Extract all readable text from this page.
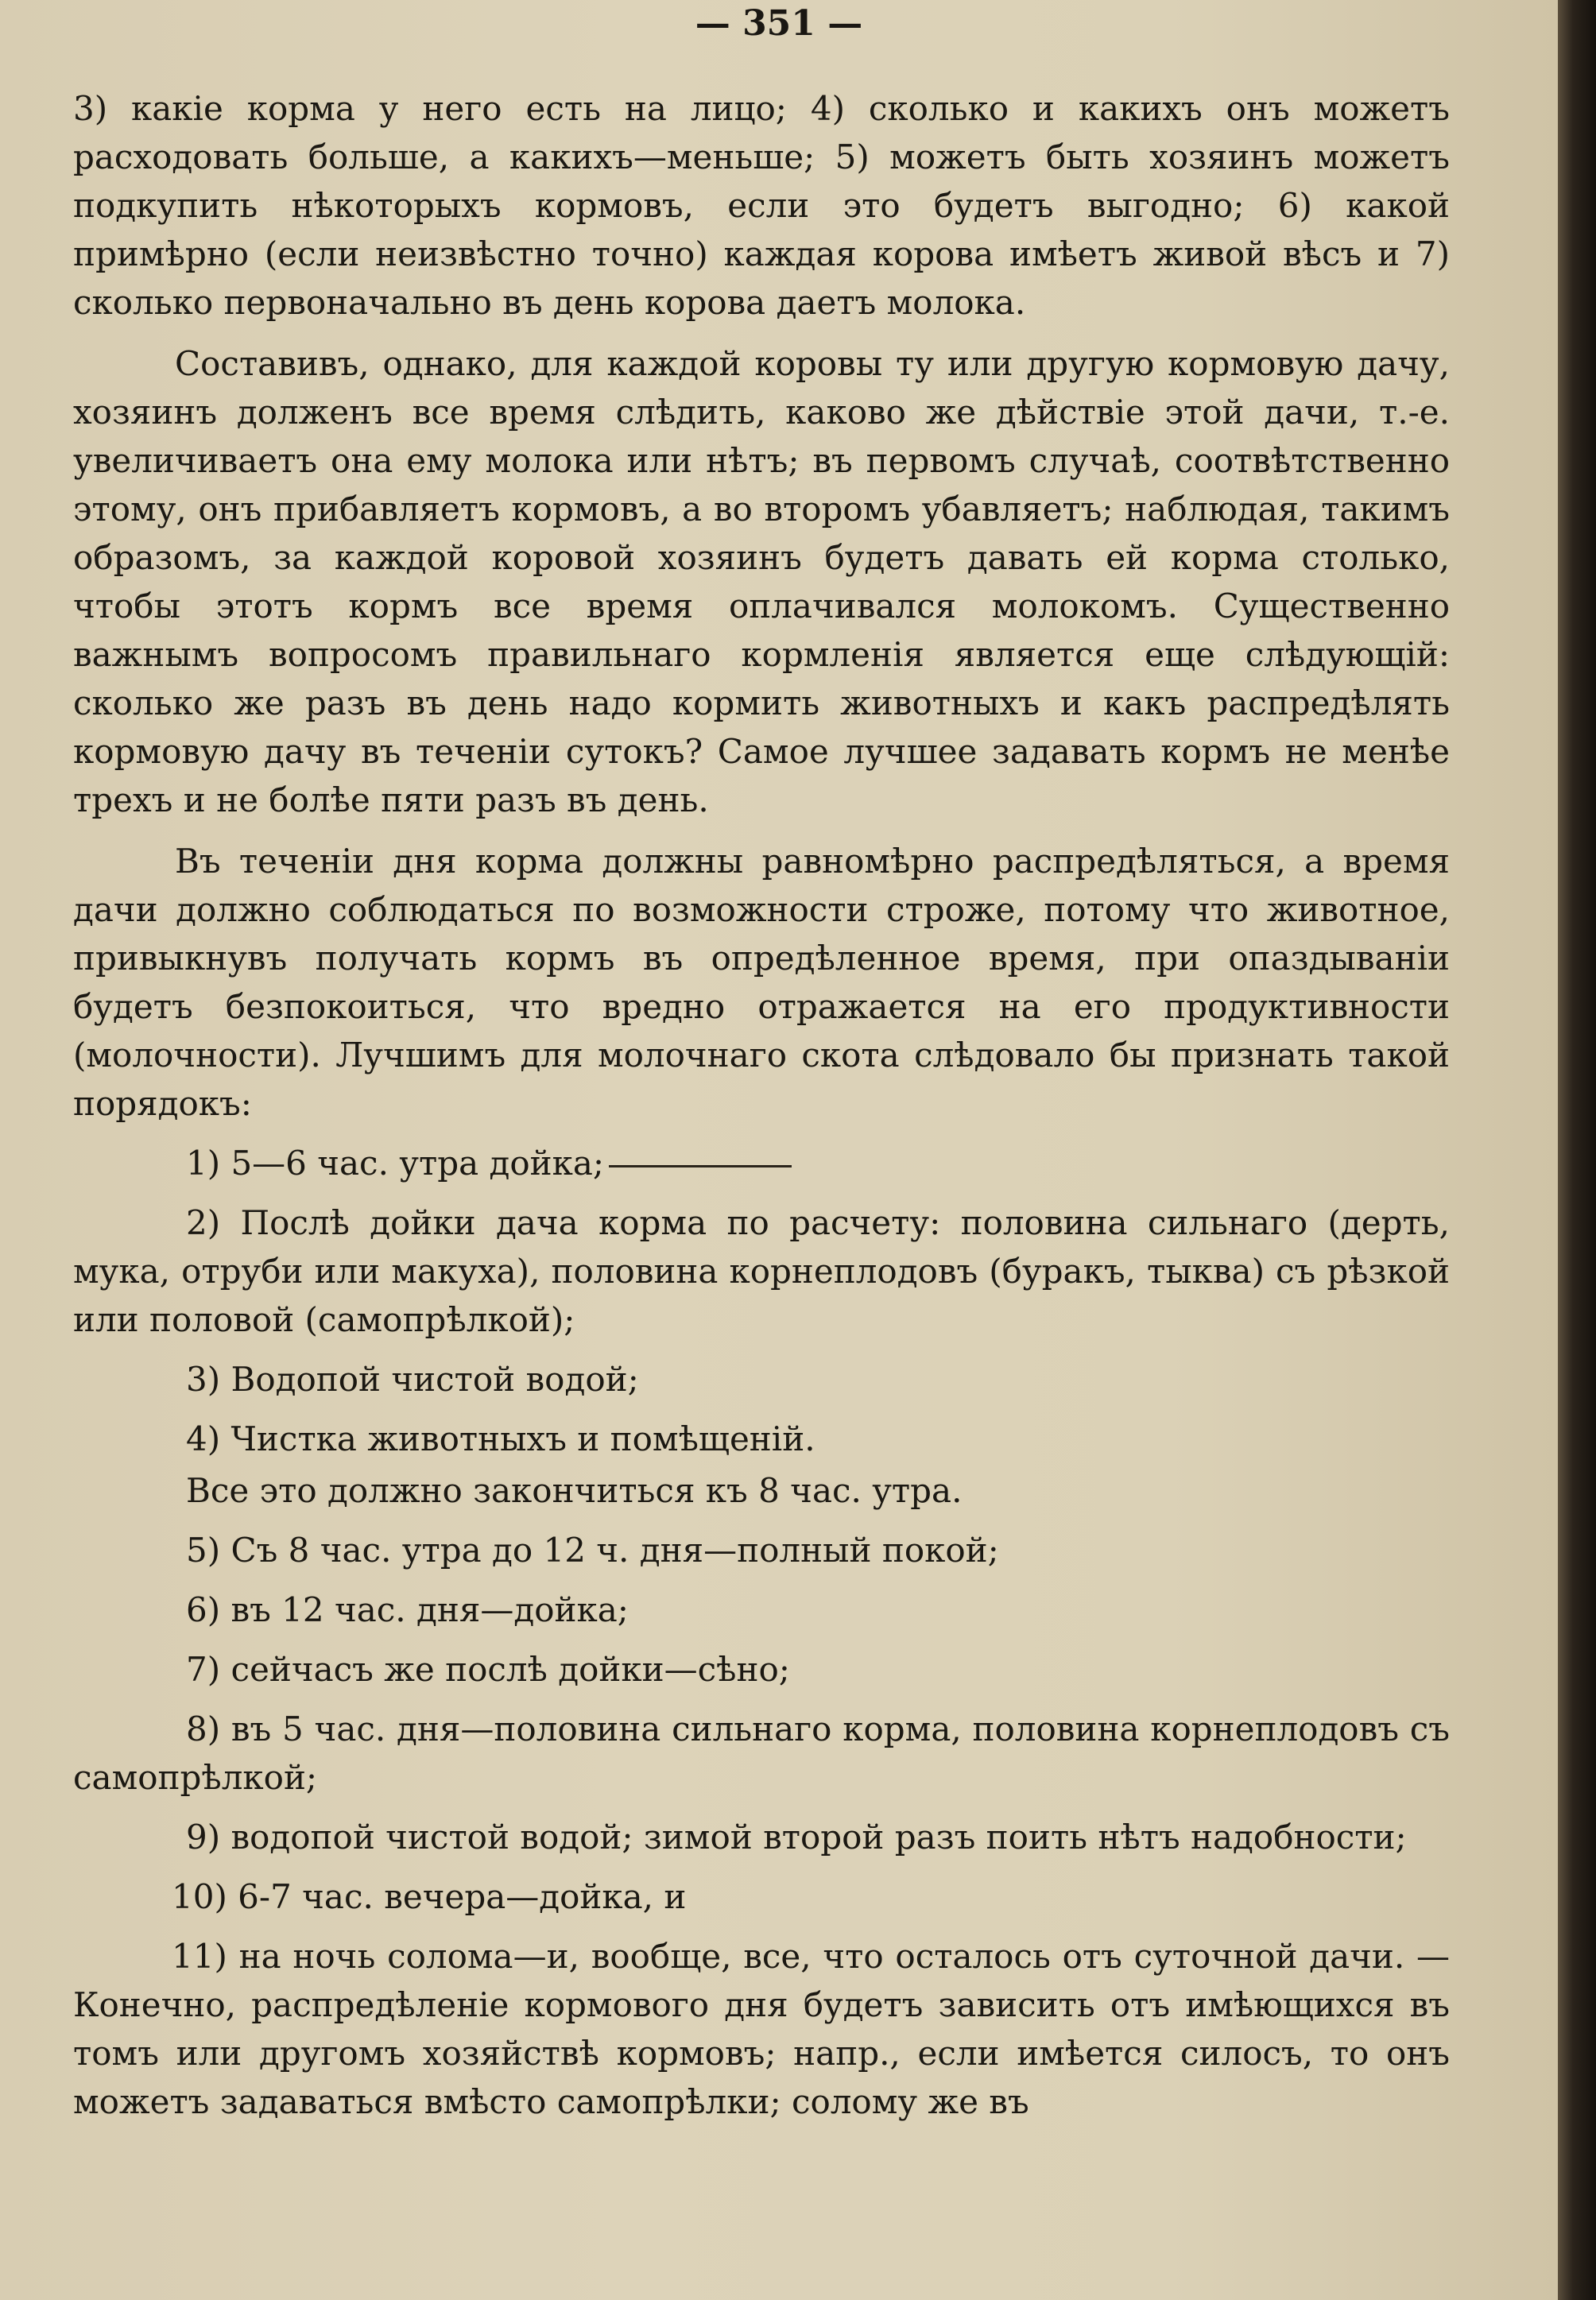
— 351 —

3) какіе корма у него есть на лицо; 4) сколько и какихъ онъ можетъ расходовать больше, а какихъ—меньше; 5) можетъ быть хозяинъ можетъ подкупить нѣкоторыхъ кормовъ, если это будетъ выгодно; 6) какой примѣрно (если неизвѣстно точно) каждая корова имѣетъ живой вѣсъ и 7) сколько первоначально въ день корова даетъ молока.

Составивъ, однако, для каждой коровы ту или другую кормовую дачу, хозяинъ долженъ все время слѣдить, каково же дѣйствіе этой дачи, т.-е. увеличиваетъ она ему молока или нѣтъ; въ первомъ случаѣ, соотвѣтственно этому, онъ прибавляетъ кормовъ, а во второмъ убавляетъ; наблюдая, такимъ образомъ, за каждой коровой хозяинъ будетъ давать ей корма столько, чтобы этотъ кормъ все время оплачивался молокомъ. Существенно важнымъ вопросомъ правильнаго кормленія является еще слѣдующій: сколько же разъ въ день надо кормить животныхъ и какъ распредѣлять кормовую дачу въ теченіи сутокъ? Самое лучшее задавать кормъ не менѣе трехъ и не болѣе пяти разъ въ день.

Въ теченіи дня корма должны равномѣрно распредѣляться, а время дачи должно соблюдаться по возможности строже, потому что животное, привыкнувъ получать кормъ въ опредѣленное время, при опаздываніи будетъ безпокоиться, что вредно отражается на его продуктивности (молочности). Лучшимъ для молочнаго скота слѣдовало бы признать такой порядокъ:

1) 5—6 час. утра дойка;

2) Послѣ дойки дача корма по расчету: половина сильнаго (дерть, мука, отруби или макуха), половина корнеплодовъ (буракъ, тыква) съ рѣзкой или половой (самопрѣлкой);

3) Водопой чистой водой;

4) Чистка животныхъ и помѣщеній.

Все это должно закончиться къ 8 час. утра.

5) Съ 8 час. утра до 12 ч. дня—полный покой;

6) въ 12 час. дня—дойка;

7) сейчасъ же послѣ дойки—сѣно;

8) въ 5 час. дня—половина сильнаго корма, половина корнеплодовъ съ самопрѣлкой;

9) водопой чистой водой; зимой второй разъ поить нѣтъ надобности;

10) 6-7 час. вечера—дойка, и

11) на ночь солома—и, вообще, все, что осталось отъ суточной дачи. — Конечно, распредѣленіе кормового дня будетъ зависить отъ имѣющихся въ томъ или другомъ хозяйствѣ кормовъ; напр., если имѣется силосъ, то онъ можетъ задаваться вмѣсто самопрѣлки; солому же въ
